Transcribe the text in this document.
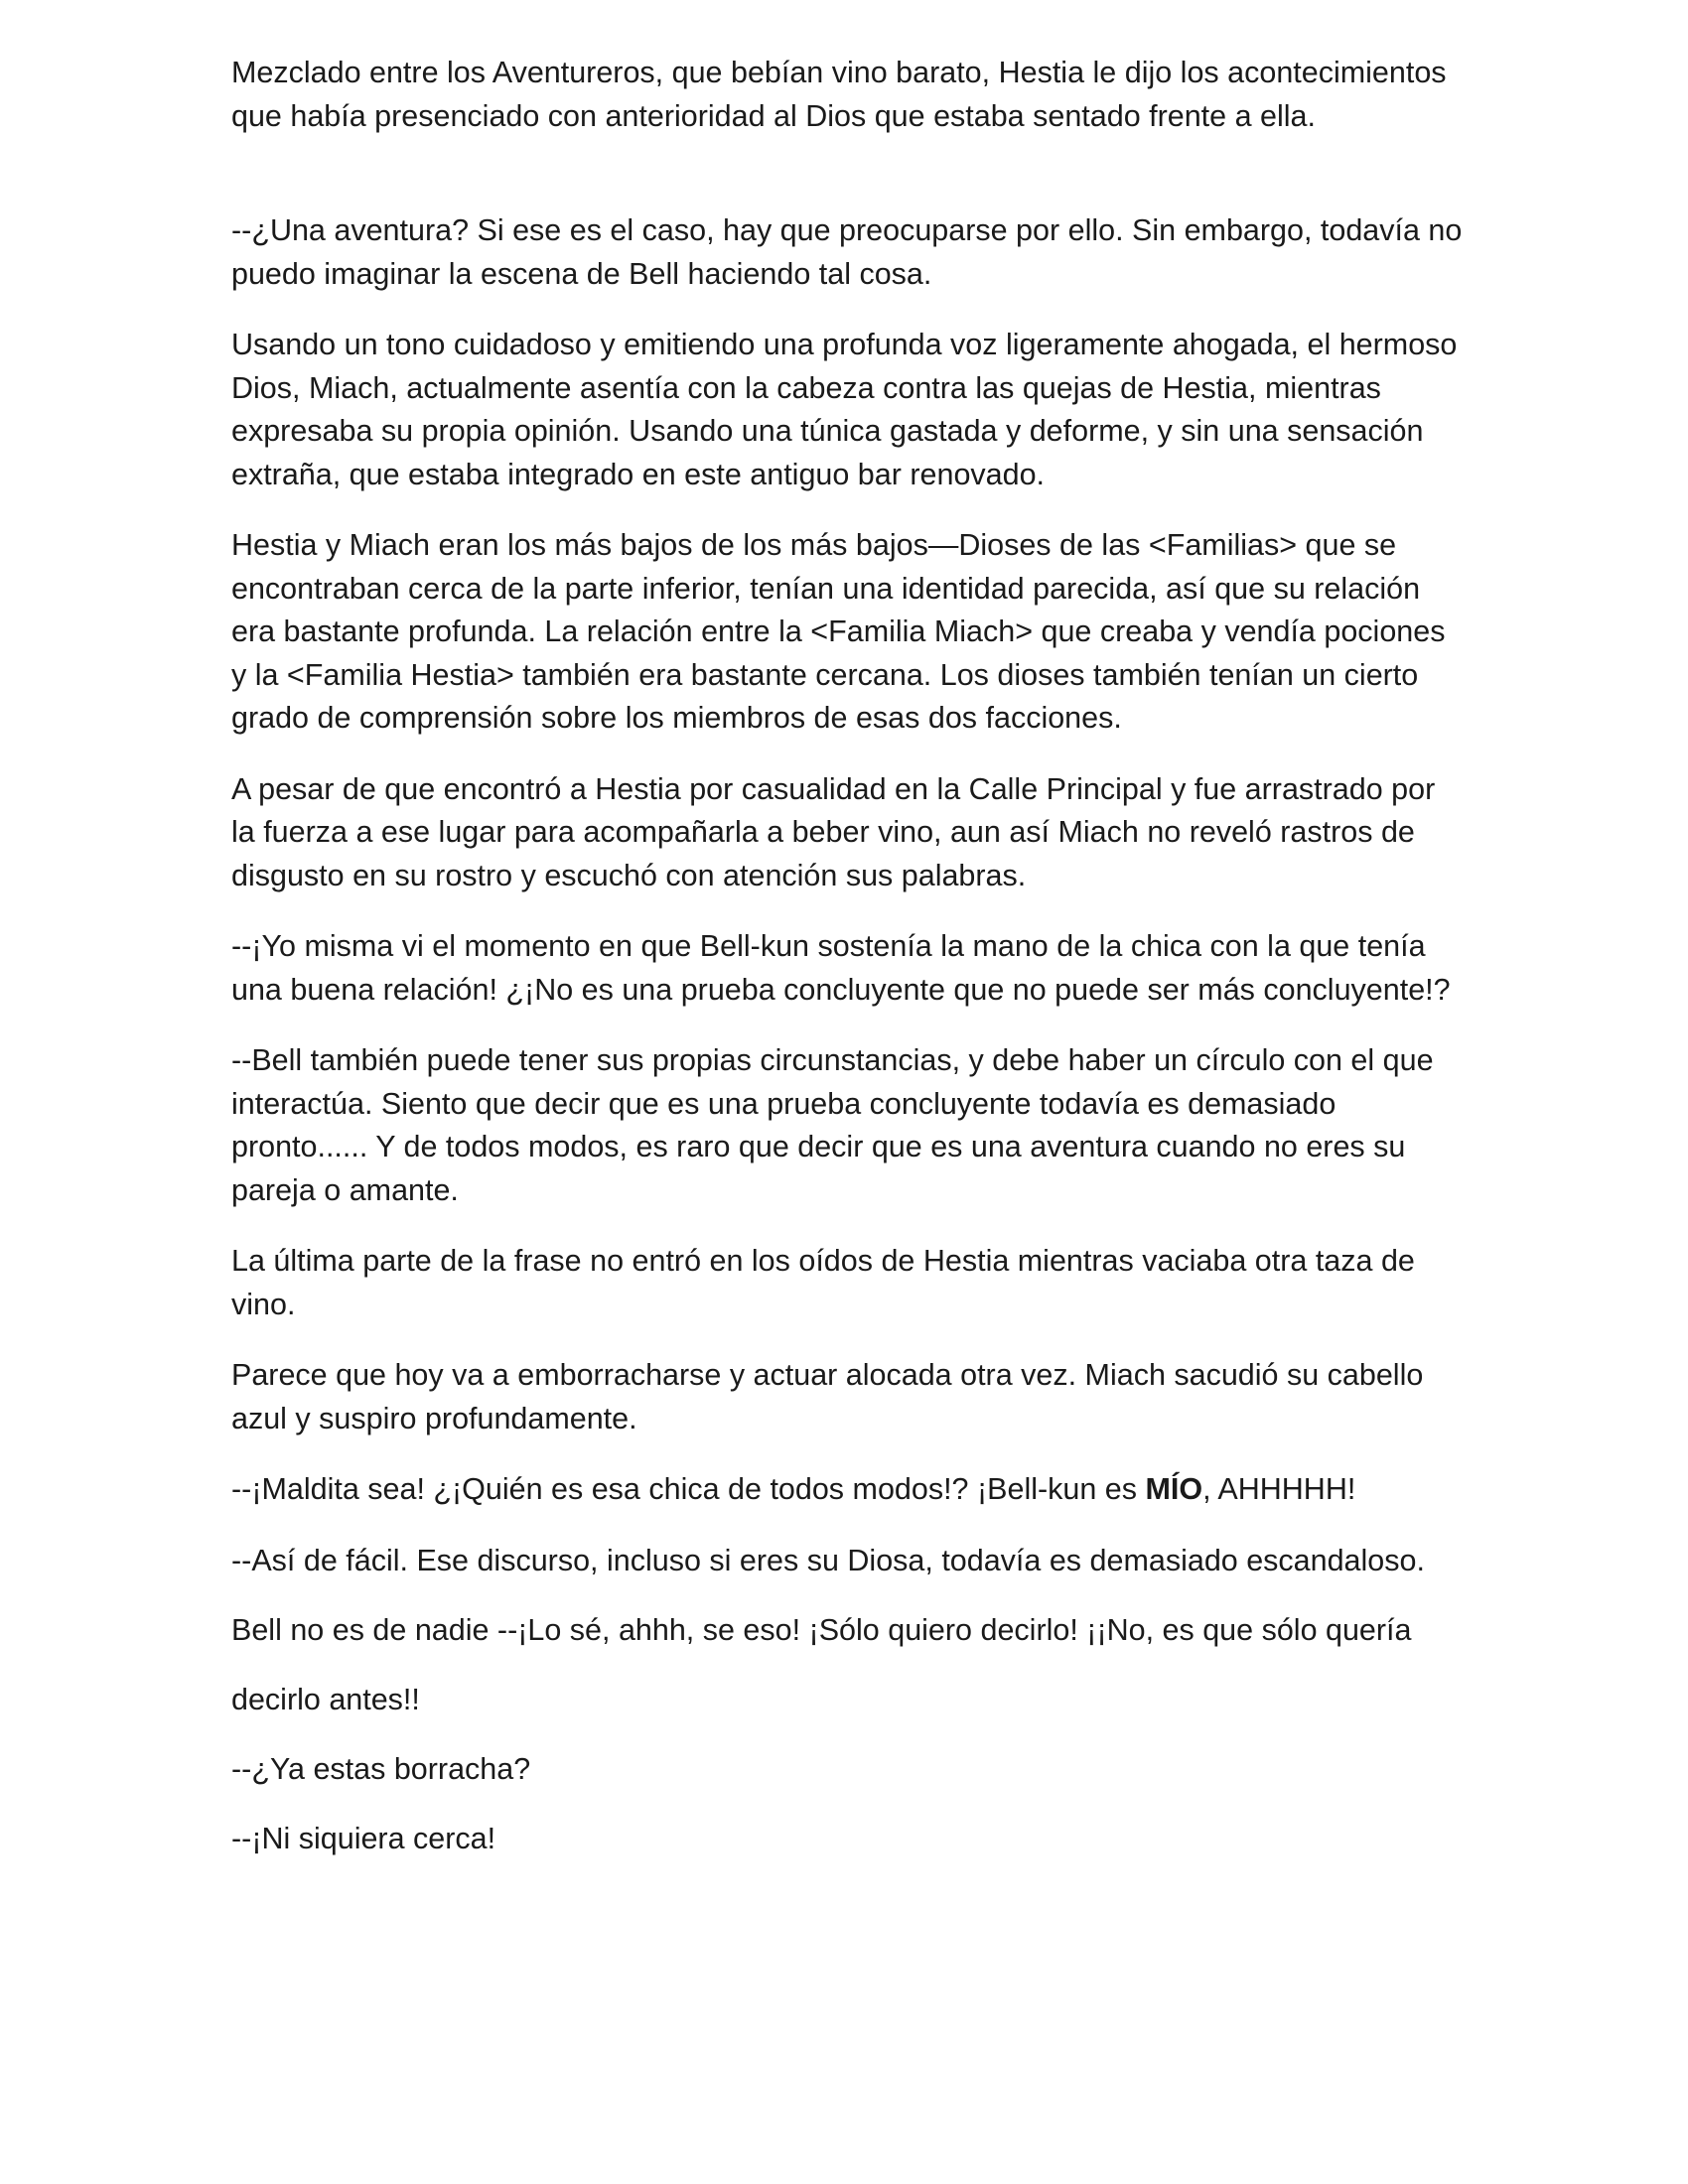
Mezclado entre los Aventureros, que bebían vino barato, Hestia le dijo los acontecimientos que había presenciado con anterioridad al Dios que estaba sentado frente a ella.

--¿Una aventura? Si ese es el caso, hay que preocuparse por ello. Sin embargo, todavía no puedo imaginar la escena de Bell haciendo tal cosa.

Usando un tono cuidadoso y emitiendo una profunda voz ligeramente ahogada, el hermoso Dios, Miach, actualmente asentía con la cabeza contra las quejas de Hestia, mientras expresaba su propia opinión. Usando una túnica gastada y deforme, y sin una sensación extraña, que estaba integrado en este antiguo bar renovado.

Hestia y Miach eran los más bajos de los más bajos—Dioses de las <Familias> que se encontraban cerca de la parte inferior, tenían una identidad parecida, así que su relación era bastante profunda. La relación entre la <Familia Miach> que creaba y vendía pociones y la <Familia Hestia> también era bastante cercana. Los dioses también tenían un cierto grado de comprensión sobre los miembros de esas dos facciones.

A pesar de que encontró a Hestia por casualidad en la Calle Principal y fue arrastrado por la fuerza a ese lugar para acompañarla a beber vino, aun así Miach no reveló rastros de disgusto en su rostro y escuchó con atención sus palabras.

--¡Yo misma vi el momento en que Bell-kun sostenía la mano de la chica con la que tenía una buena relación! ¿¡No es una prueba concluyente que no puede ser más concluyente!?

--Bell también puede tener sus propias circunstancias, y debe haber un círculo con el que interactúa. Siento que decir que es una prueba concluyente todavía es demasiado pronto...... Y de todos modos, es raro que decir que es una aventura cuando no eres su pareja o amante.

La última parte de la frase no entró en los oídos de Hestia mientras vaciaba otra taza de vino.

Parece que hoy va a emborracharse y actuar alocada otra vez. Miach sacudió su cabello azul y suspiro profundamente.

--¡Maldita sea! ¿¡Quién es esa chica de todos modos!? ¡Bell-kun es MÍO, AHHHHH!

--Así de fácil. Ese discurso, incluso si eres su Diosa, todavía es demasiado escandaloso. Bell no es de nadie --¡Lo sé, ahhh, se eso! ¡Sólo quiero decirlo! ¡¡No, es que sólo quería decirlo antes!!

--¿Ya estas borracha?

--¡Ni siquiera cerca!
